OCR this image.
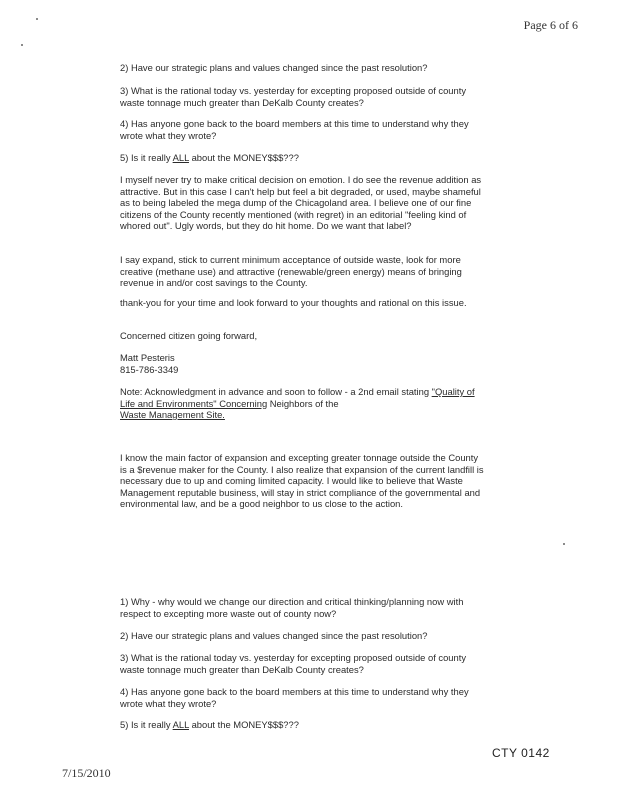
Page 6 of 6

2) Have our strategic plans and values changed since the past resolution?

3) What is the rational today vs. yesterday for excepting proposed outside of county waste tonnage much greater than DeKalb County creates?

4) Has anyone gone back to the board members at this time to understand why they wrote what they wrote?

5) Is it really ALL about the MONEY$$$???

I myself never try to make critical decision on emotion. I do see the revenue addition as attractive. But in this case I can't help but feel a bit degraded, or used, maybe shameful as to being labeled the mega dump of the Chicagoland area. I believe one of our fine citizens of the County recently mentioned (with regret) in an editorial "feeling kind of whored out". Ugly words, but they do hit home. Do we want that label?

I say expand, stick to current minimum acceptance of outside waste, look for more creative (methane use) and attractive (renewable/green energy) means of bringing revenue in and/or cost savings to the County.

thank-you for your time and look forward to your thoughts and rational on this issue.

Concerned citizen going forward,

Matt Pesteris

815-786-3349

Note: Acknowledgment in advance and soon to follow - a 2nd email stating "Quality of Life and Environments" Concerning Neighbors of the
Waste Management Site.

I know the main factor of expansion and excepting greater tonnage outside the County is a $revenue maker for the County. I also realize that expansion of the current landfill is necessary due to up and coming limited capacity. I would like to believe that Waste Management reputable business, will stay in strict compliance of the governmental and environmental law, and be a good neighbor to us close to the action.

1) Why - why would we change our direction and critical thinking/planning now with respect to excepting more waste out of county now?

2) Have our strategic plans and values changed since the past resolution?

3) What is the rational today vs. yesterday for excepting proposed outside of county waste tonnage much greater than DeKalb County creates?

4) Has anyone gone back to the board members at this time to understand why they wrote what they wrote?

5) Is it really ALL about the MONEY$$$???

CTY 0142
7/15/2010
